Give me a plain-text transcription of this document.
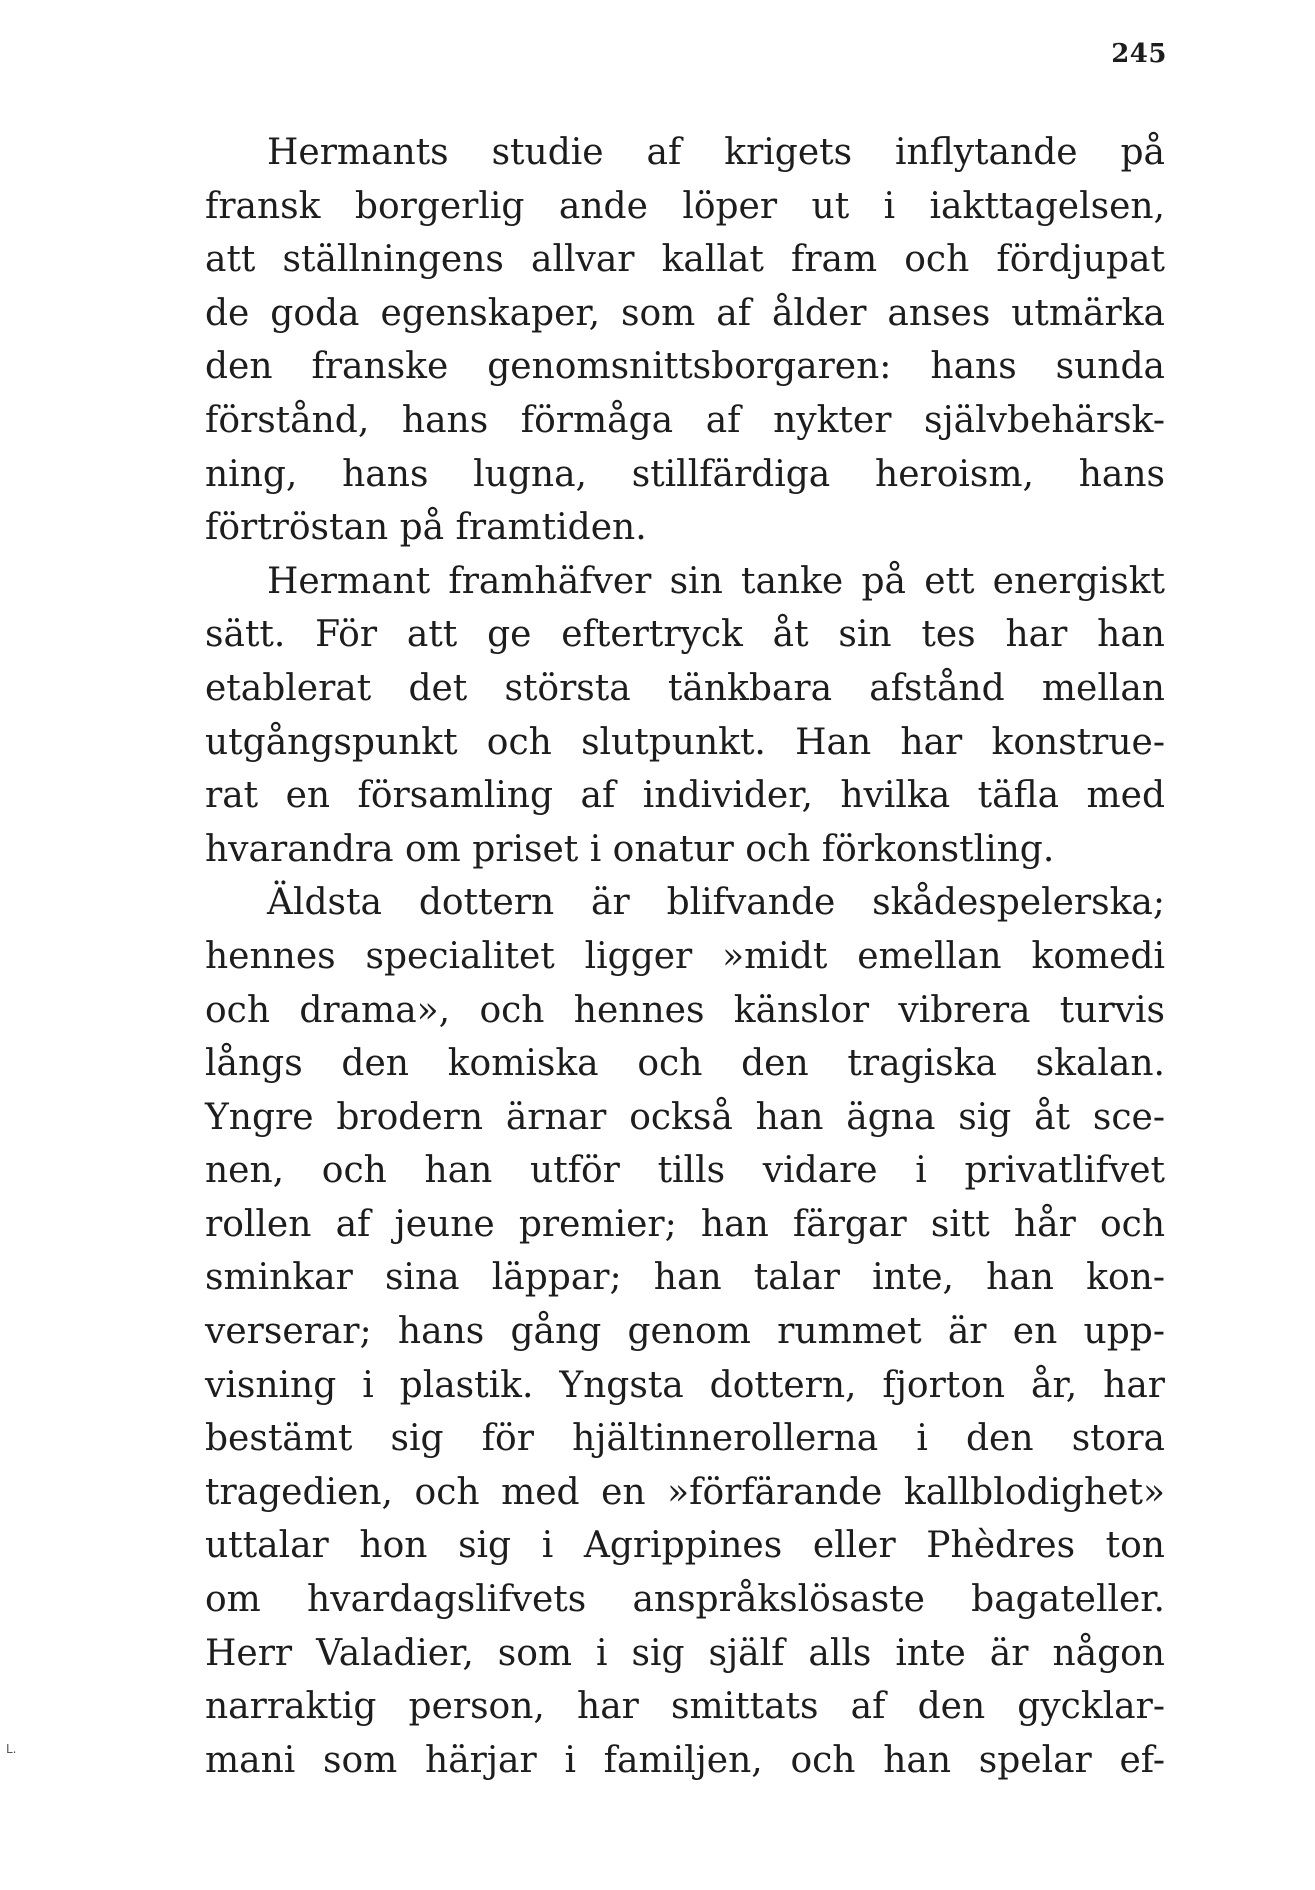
245
Hermants studie af krigets inflytande på
fransk borgerlig ande löper ut i iakttagelsen,
att ställningens allvar kallat fram och fördjupat
de goda egenskaper, som af ålder anses utmärka
den franske genomsnittsborgaren: hans sunda
förstånd, hans förmåga af nykter självbehärsk-
ning, hans lugna, stillfärdiga heroism, hans
förtröstan på framtiden.
Hermant framhäfver sin tanke på ett energiskt
sätt. För att ge eftertryck åt sin tes har han
etablerat det största tänkbara afstånd mellan
utgångspunkt och slutpunkt. Han har konstrue-
rat en församling af individer, hvilka täfla med
hvarandra om priset i onatur och förkonstling.
Äldsta dottern är blifvande skådespelerska;
hennes specialitet ligger »midt emellan komedi
och drama», och hennes känslor vibrera turvis
långs den komiska och den tragiska skalan.
Yngre brodern ärnar också han ägna sig åt sce-
nen, och han utför tills vidare i privatlifvet
rollen af jeune premier; han färgar sitt hår och
sminkar sina läppar; han talar inte, han kon-
verserar; hans gång genom rummet är en upp-
visning i plastik. Yngsta dottern, fjorton år, har
bestämt sig för hjältinnerollerna i den stora
tragedien, och med en »förfärande kallblodighet»
uttalar hon sig i Agrippines eller Phèdres ton
om hvardagslifvets anspråkslösaste bagateller.
Herr Valadier, som i sig själf alls inte är någon
narraktig person, har smittats af den gycklar-
mani som härjar i familjen, och han spelar ef-
L.
